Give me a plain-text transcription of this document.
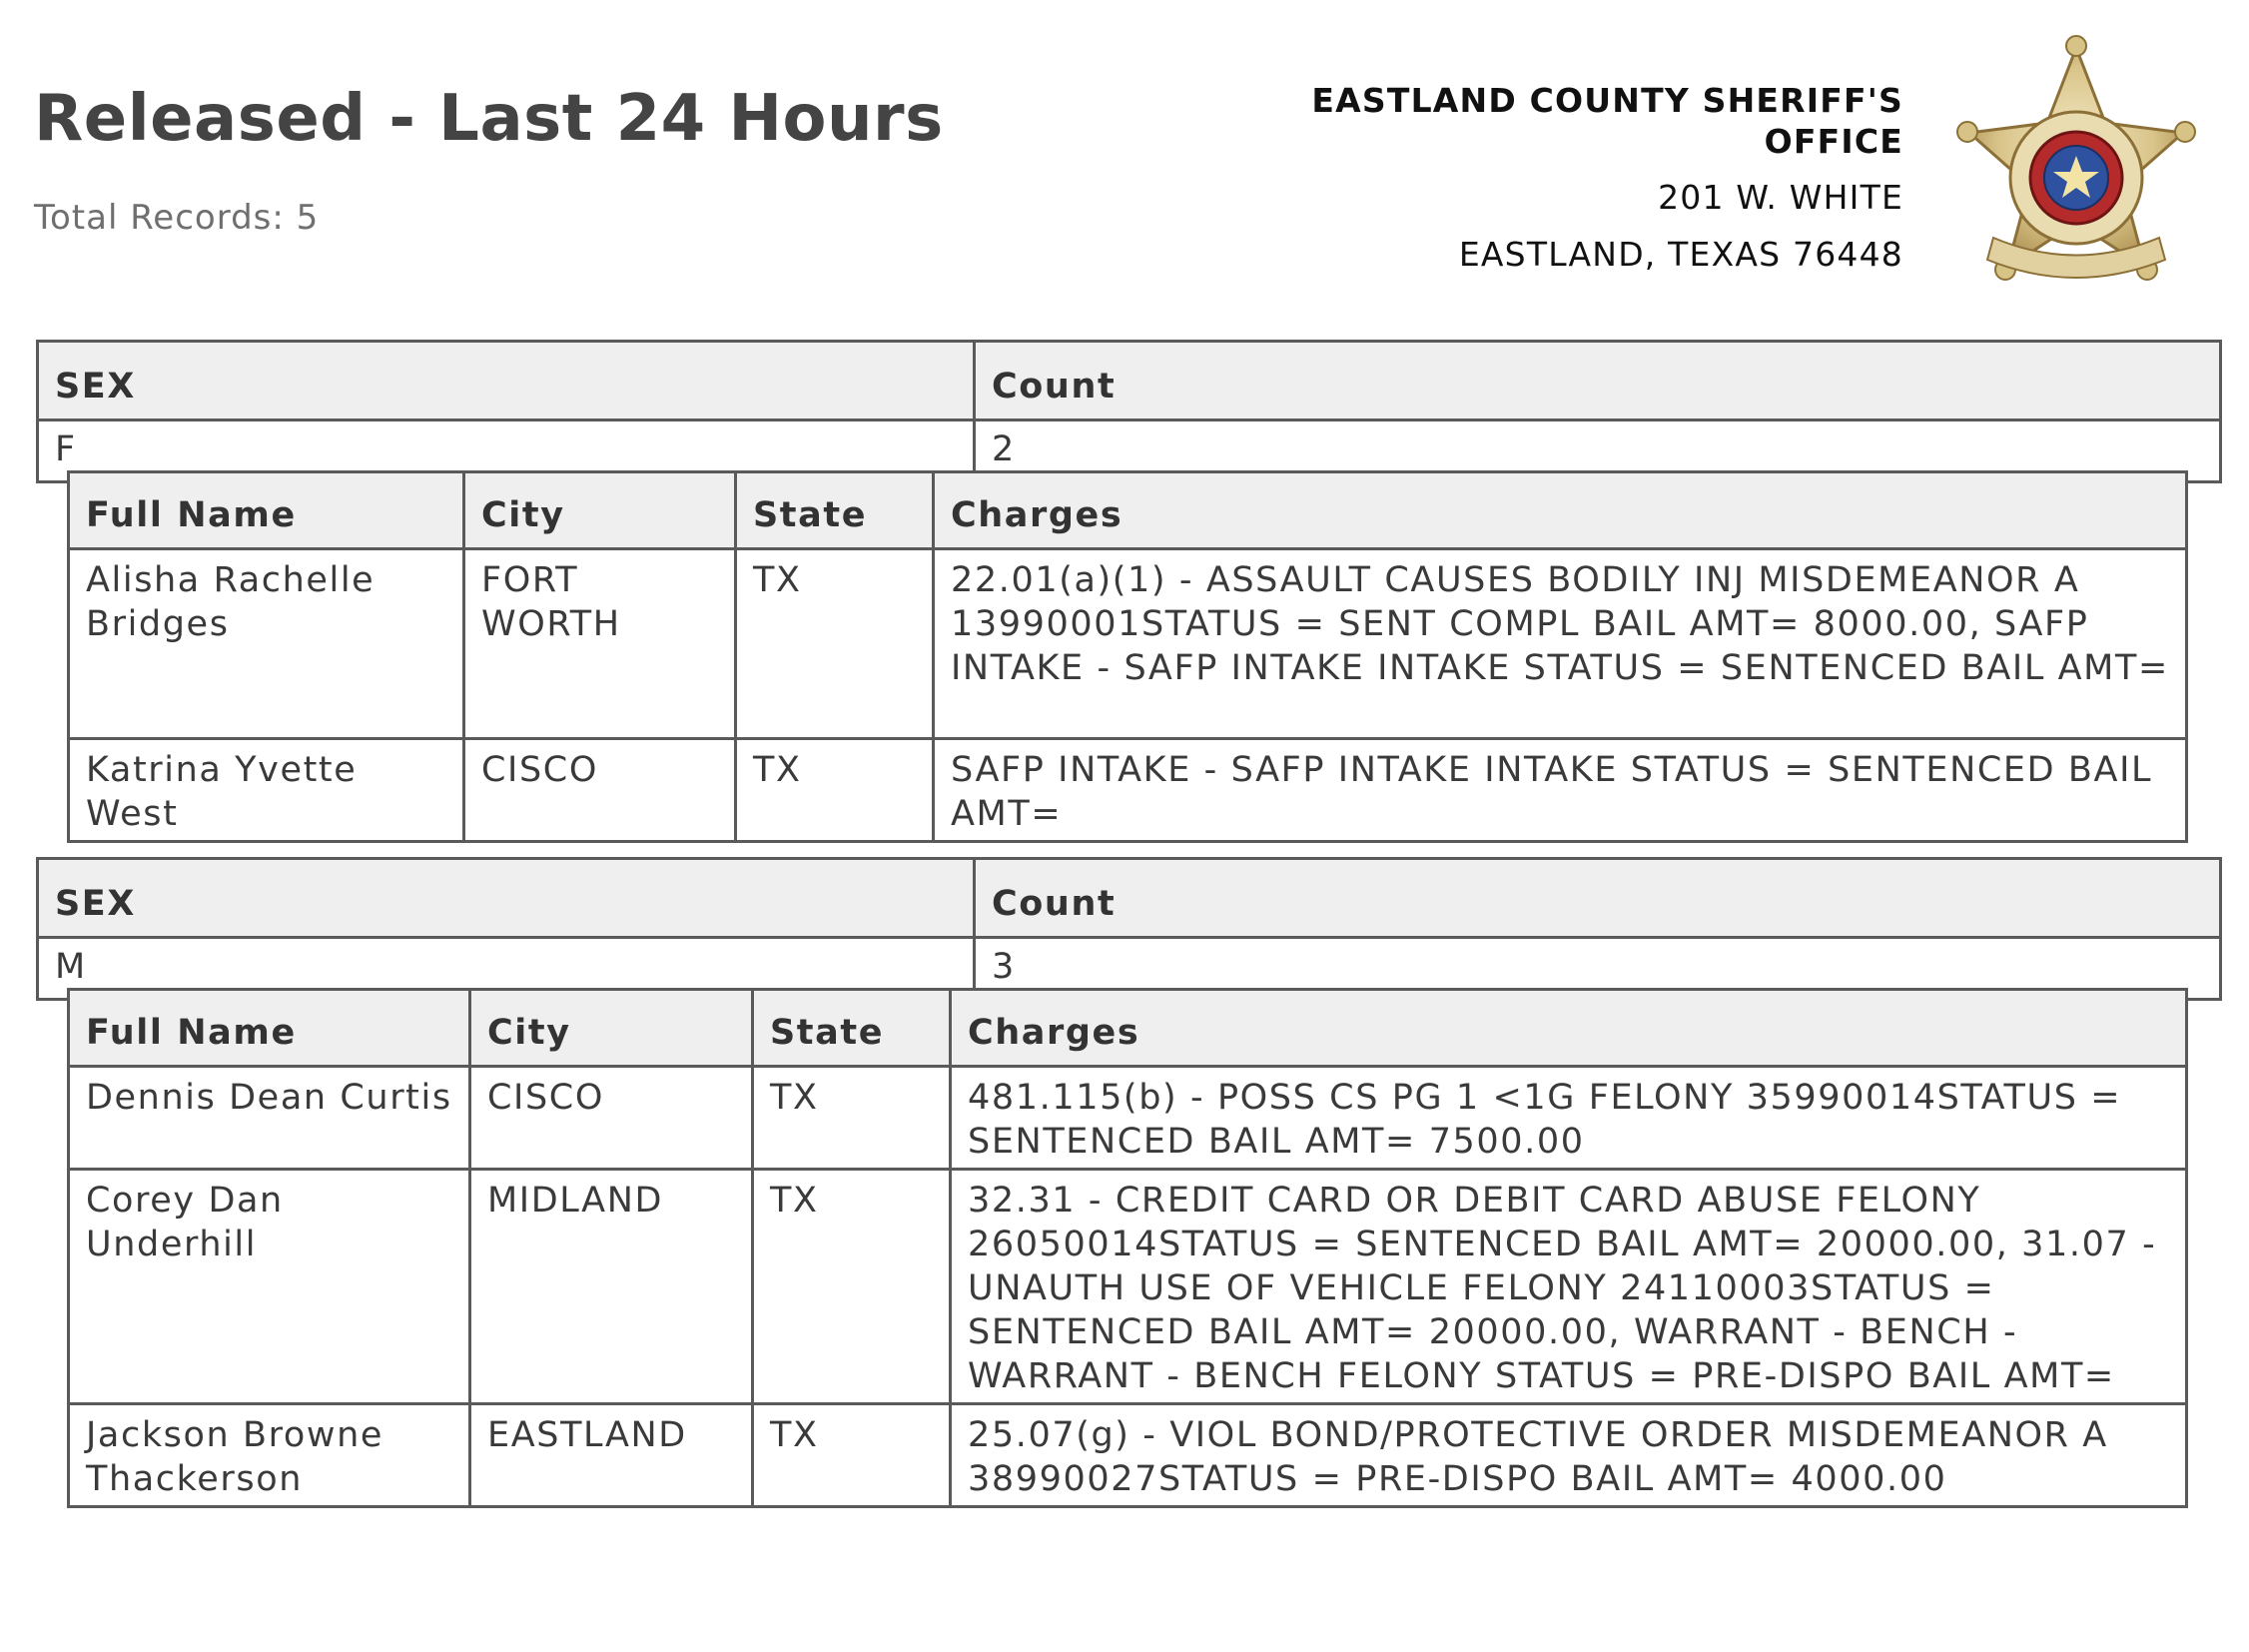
Released - Last 24 Hours
Total Records: 5
EASTLAND COUNTY SHERIFF'S OFFICE
201 W. WHITE
EASTLAND, TEXAS 76448
SEX	Count
F	2
Full Name	City	State	Charges
Alisha Rachelle Bridges	FORT WORTH	TX	22.01(a)(1) - ASSAULT CAUSES BODILY INJ MISDEMEANOR A 13990001STATUS = SENT COMPL BAIL AMT= 8000.00, SAFP INTAKE - SAFP INTAKE INTAKE STATUS = SENTENCED BAIL AMT=
Katrina Yvette West	CISCO	TX	SAFP INTAKE - SAFP INTAKE INTAKE STATUS = SENTENCED BAIL AMT=
SEX	Count
M	3
Full Name	City	State	Charges
Dennis Dean Curtis	CISCO	TX	481.115(b) - POSS CS PG 1 <1G FELONY 35990014STATUS = SENTENCED BAIL AMT= 7500.00
Corey Dan Underhill	MIDLAND	TX	32.31 - CREDIT CARD OR DEBIT CARD ABUSE FELONY 26050014STATUS = SENTENCED BAIL AMT= 20000.00, 31.07 - UNAUTH USE OF VEHICLE FELONY 24110003STATUS = SENTENCED BAIL AMT= 20000.00, WARRANT - BENCH - WARRANT - BENCH FELONY STATUS = PRE-DISPO BAIL AMT=
Jackson Browne Thackerson	EASTLAND	TX	25.07(g) - VIOL BOND/PROTECTIVE ORDER MISDEMEANOR A 38990027STATUS = PRE-DISPO BAIL AMT= 4000.00
